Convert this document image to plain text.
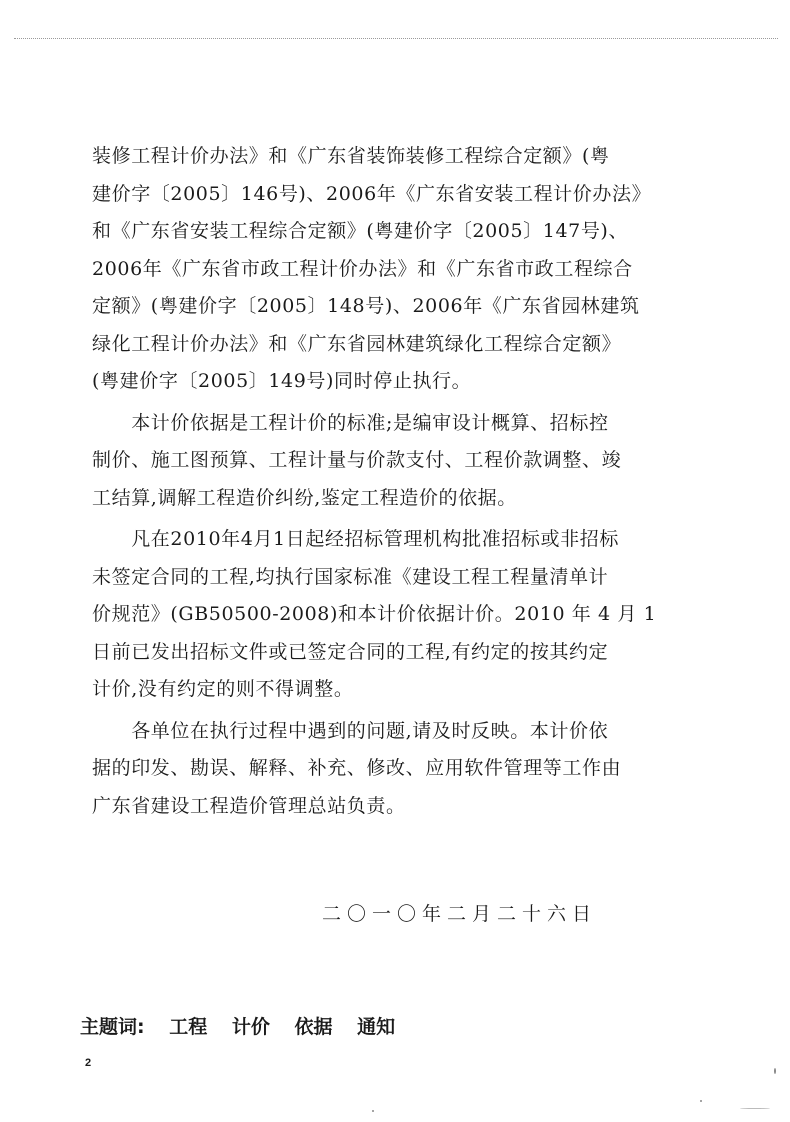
装修工程计价办法》和《广东省装饰装修工程综合定额》(粤
建价字〔2005〕146号)、2006年《广东省安装工程计价办法》
和《广东省安装工程综合定额》(粤建价字〔2005〕147号)、
2006年《广东省市政工程计价办法》和《广东省市政工程综合
定额》(粤建价字〔2005〕148号)、2006年《广东省园林建筑
绿化工程计价办法》和《广东省园林建筑绿化工程综合定额》
(粤建价字〔2005〕149号)同时停止执行。
　　本计价依据是工程计价的标准;是编审设计概算、招标控
制价、施工图预算、工程计量与价款支付、工程价款调整、竣
工结算,调解工程造价纠纷,鉴定工程造价的依据。
　　凡在2010年4月1日起经招标管理机构批准招标或非招标
未签定合同的工程,均执行国家标准《建设工程工程量清单计
价规范》(GB50500-2008)和本计价依据计价。2010 年 4 月 1
日前已发出招标文件或已签定合同的工程,有约定的按其约定
计价,没有约定的则不得调整。
　　各单位在执行过程中遇到的问题,请及时反映。本计价依
据的印发、勘误、解释、补充、修改、应用软件管理等工作由
广东省建设工程造价管理总站负责。
二〇一〇年二月二十六日
主题词: 工程 计价 依据 通知
2
